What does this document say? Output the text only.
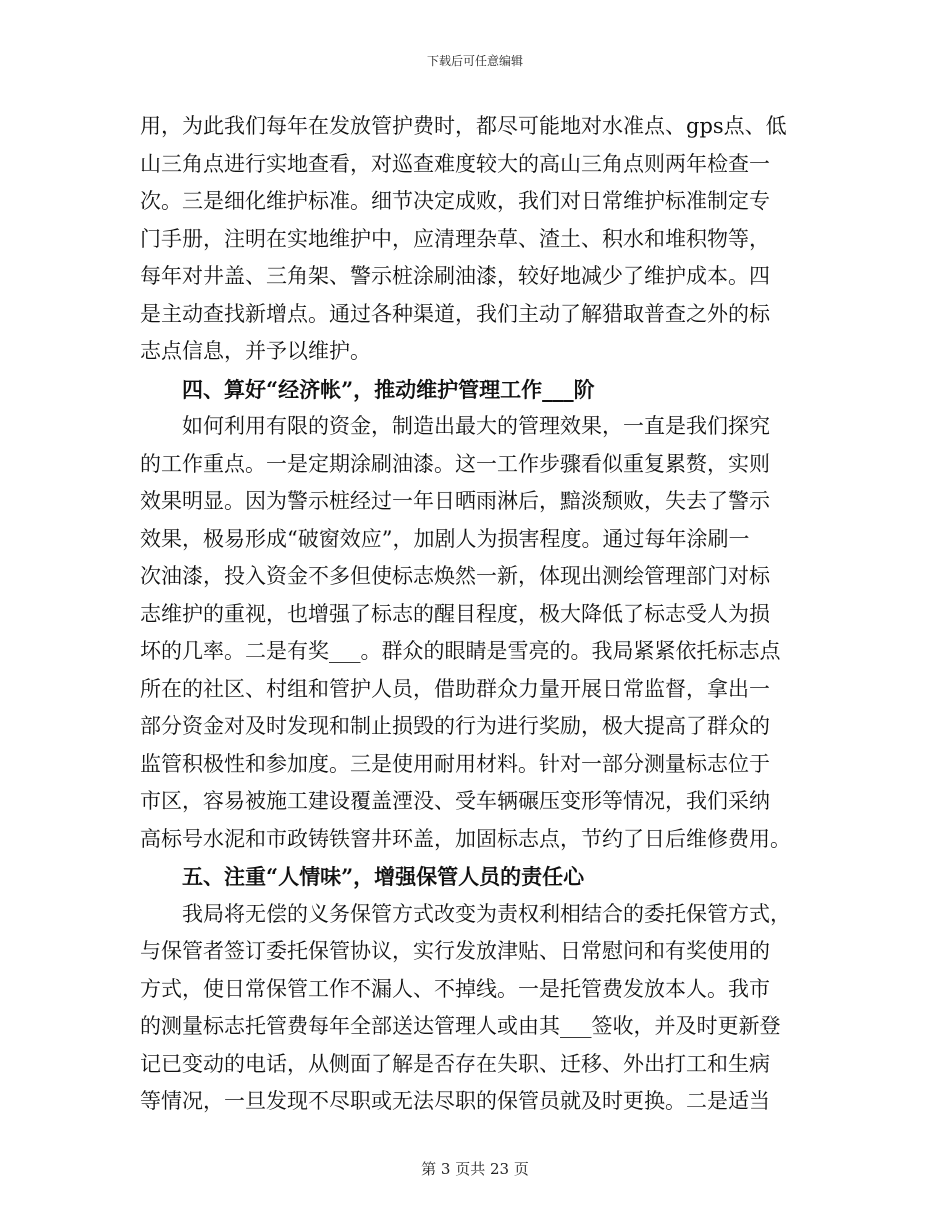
下载后可任意编辑
用，为此我们每年在发放管护费时，都尽可能地对水准点、gps点、低
山三角点进行实地查看，对巡查难度较大的高山三角点则两年检查一
次。三是细化维护标准。细节决定成败，我们对日常维护标准制定专
门手册，注明在实地维护中，应清理杂草、渣土、积水和堆积物等，
每年对井盖、三角架、警示桩涂刷油漆，较好地减少了维护成本。四
是主动查找新增点。通过各种渠道，我们主动了解猎取普查之外的标
志点信息，并予以维护。
四、算好“经济帐”，推动维护管理工作___阶
如何利用有限的资金，制造出最大的管理效果，一直是我们探究
的工作重点。一是定期涂刷油漆。这一工作步骤看似重复累赘，实则
效果明显。因为警示桩经过一年日晒雨淋后，黯淡颓败，失去了警示
效果，极易形成“破窗效应”，加剧人为损害程度。通过每年涂刷一
次油漆，投入资金不多但使标志焕然一新，体现出测绘管理部门对标
志维护的重视，也增强了标志的醒目程度，极大降低了标志受人为损
坏的几率。二是有奖___。群众的眼睛是雪亮的。我局紧紧依托标志点
所在的社区、村组和管护人员，借助群众力量开展日常监督，拿出一
部分资金对及时发现和制止损毁的行为进行奖励，极大提高了群众的
监管积极性和参加度。三是使用耐用材料。针对一部分测量标志位于
市区，容易被施工建设覆盖湮没、受车辆碾压变形等情况，我们采纳
高标号水泥和市政铸铁窨井环盖，加固标志点，节约了日后维修费用。
五、注重“人情味”，增强保管人员的责任心
我局将无偿的义务保管方式改变为责权利相结合的委托保管方式，
与保管者签订委托保管协议，实行发放津贴、日常慰问和有奖使用的
方式，使日常保管工作不漏人、不掉线。一是托管费发放本人。我市
的测量标志托管费每年全部送达管理人或由其___签收，并及时更新登
记已变动的电话，从侧面了解是否存在失职、迁移、外出打工和生病
等情况，一旦发现不尽职或无法尽职的保管员就及时更换。二是适当
第 3 页共 23 页
